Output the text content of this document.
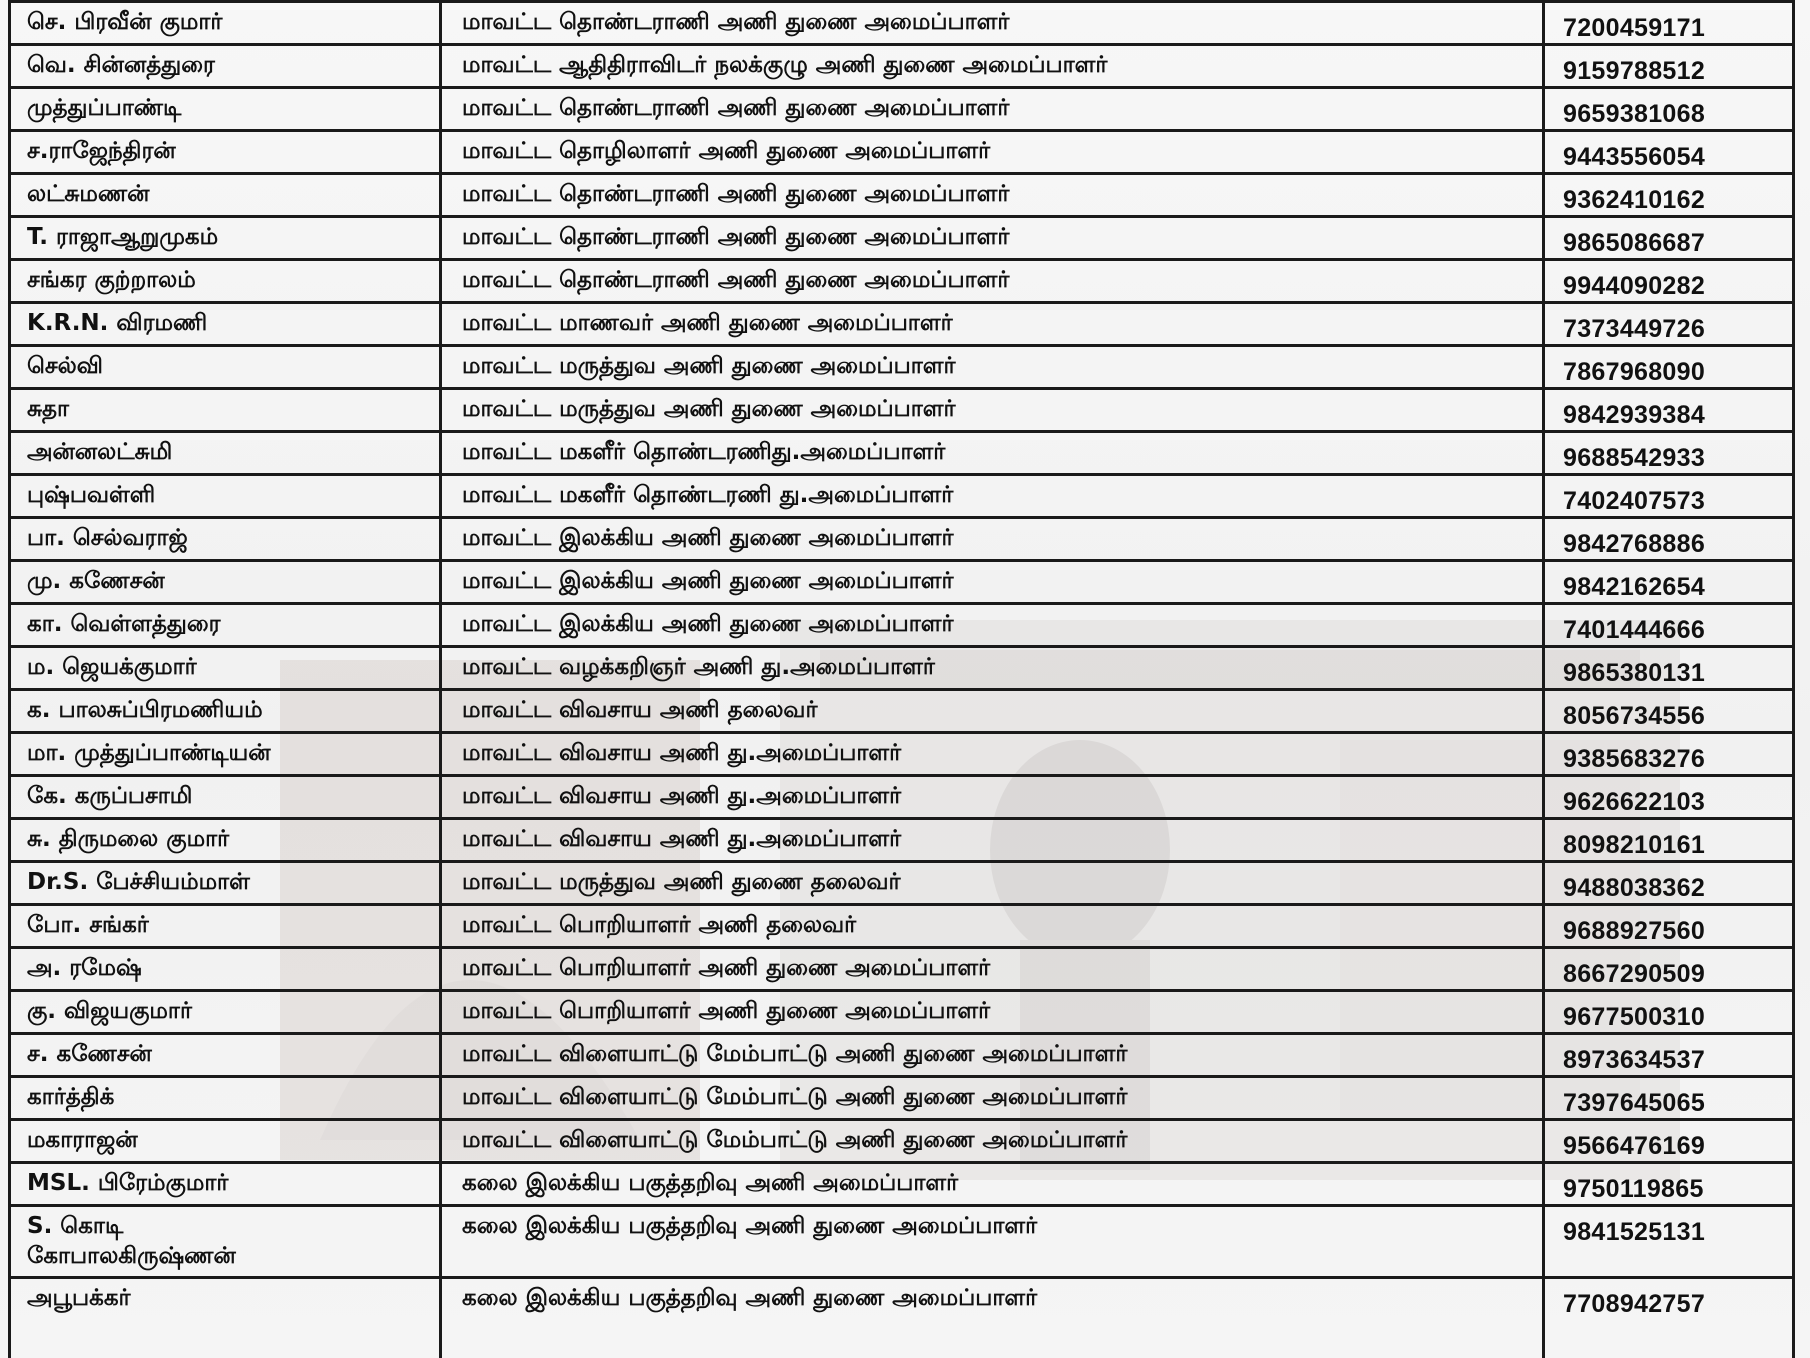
செ. பிரவீன் குமார்	மாவட்ட தொண்டராணி அணி துணை அமைப்பாளர்	7200459171
வெ. சின்னத்துரை	மாவட்ட ஆதிதிராவிடர் நலக்குழு அணி துணை அமைப்பாளர்	9159788512
முத்துப்பாண்டி	மாவட்ட தொண்டராணி அணி துணை அமைப்பாளர்	9659381068
ச.ராஜேந்திரன்	மாவட்ட தொழிலாளர் அணி துணை அமைப்பாளர்	9443556054
லட்சுமணன்	மாவட்ட தொண்டராணி அணி துணை அமைப்பாளர்	9362410162
T. ராஜாஆறுமுகம்	மாவட்ட தொண்டராணி அணி துணை அமைப்பாளர்	9865086687
சங்கர குற்றாலம்	மாவட்ட தொண்டராணி அணி துணை அமைப்பாளர்	9944090282
K.R.N. விரமணி	மாவட்ட மாணவர் அணி துணை அமைப்பாளர்	7373449726
செல்வி	மாவட்ட மருத்துவ அணி துணை அமைப்பாளர்	7867968090
சுதா	மாவட்ட மருத்துவ அணி துணை அமைப்பாளர்	9842939384
அன்னலட்சுமி	மாவட்ட மகளீர் தொண்டரணிது.அமைப்பாளர்	9688542933
புஷ்பவள்ளி	மாவட்ட மகளீர் தொண்டரணி து.அமைப்பாளர்	7402407573
பா. செல்வராஜ்	மாவட்ட இலக்கிய அணி துணை அமைப்பாளர்	9842768886
மு. கணேசன்	மாவட்ட இலக்கிய அணி துணை அமைப்பாளர்	9842162654
கா. வெள்ளத்துரை	மாவட்ட இலக்கிய அணி துணை அமைப்பாளர்	7401444666
ம. ஜெயக்குமார்	மாவட்ட வழக்கறிஞர் அணி து.அமைப்பாளர்	9865380131
க. பாலசுப்பிரமணியம்	மாவட்ட விவசாய அணி தலைவர்	8056734556
மா. முத்துப்பாண்டியன்	மாவட்ட விவசாய அணி து.அமைப்பாளர்	9385683276
கே. கருப்பசாமி	மாவட்ட விவசாய அணி து.அமைப்பாளர்	9626622103
சு. திருமலை குமார்	மாவட்ட விவசாய அணி து.அமைப்பாளர்	8098210161
Dr.S. பேச்சியம்மாள்	மாவட்ட மருத்துவ அணி துணை தலைவர்	9488038362
போ. சங்கர்	மாவட்ட பொறியாளர் அணி தலைவர்	9688927560
அ. ரமேஷ்	மாவட்ட பொறியாளர் அணி துணை அமைப்பாளர்	8667290509
கு. விஜயகுமார்	மாவட்ட பொறியாளர் அணி துணை அமைப்பாளர்	9677500310
ச. கணேசன்	மாவட்ட விளையாட்டு மேம்பாட்டு அணி துணை அமைப்பாளர்	8973634537
கார்த்திக்	மாவட்ட விளையாட்டு மேம்பாட்டு அணி துணை அமைப்பாளர்	7397645065
மகாராஜன்	மாவட்ட விளையாட்டு மேம்பாட்டு அணி துணை அமைப்பாளர்	9566476169
MSL. பிரேம்குமார்	கலை இலக்கிய பகுத்தறிவு அணி அமைப்பாளர்	9750119865

S. கொடி
கோபாலகிருஷ்ணன்	கலை இலக்கிய பகுத்தறிவு அணி துணை அமைப்பாளர்	9841525131
அபூபக்கர்	கலை இலக்கிய பகுத்தறிவு அணி துணை அமைப்பாளர்	7708942757
